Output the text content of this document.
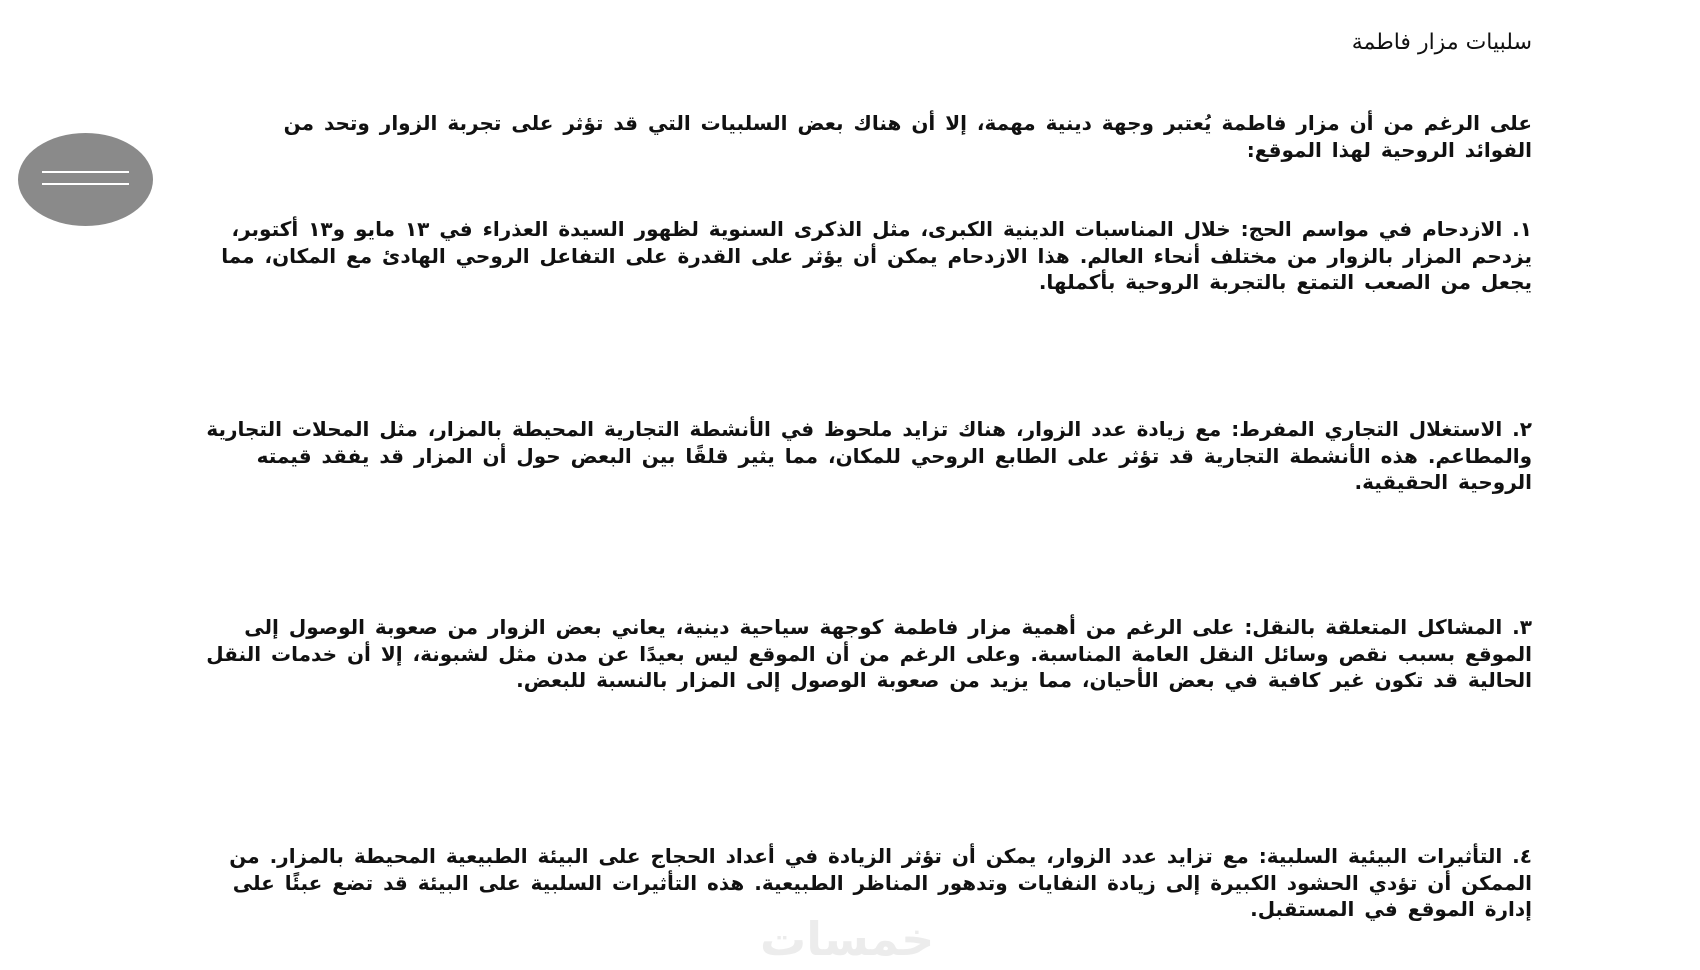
سلبيات مزار فاطمة
على الرغم من أن مزار فاطمة يُعتبر وجهة دينية مهمة، إلا أن هناك بعض السلبيات التي قد تؤثر على تجربة الزوار وتحد من الفوائد الروحية لهذا الموقع:
١. الازدحام في مواسم الحج: خلال المناسبات الدينية الكبرى، مثل الذكرى السنوية لظهور السيدة العذراء في ١٣ مايو و١٣ أكتوبر، يزدحم المزار بالزوار من مختلف أنحاء العالم. هذا الازدحام يمكن أن يؤثر على القدرة على التفاعل الروحي الهادئ مع المكان، مما يجعل من الصعب التمتع بالتجربة الروحية بأكملها.
٢. الاستغلال التجاري المفرط: مع زيادة عدد الزوار، هناك تزايد ملحوظ في الأنشطة التجارية المحيطة بالمزار، مثل المحلات التجارية والمطاعم. هذه الأنشطة التجارية قد تؤثر على الطابع الروحي للمكان، مما يثير قلقًا بين البعض حول أن المزار قد يفقد قيمته الروحية الحقيقية.
٣. المشاكل المتعلقة بالنقل: على الرغم من أهمية مزار فاطمة كوجهة سياحية دينية، يعاني بعض الزوار من صعوبة الوصول إلى الموقع بسبب نقص وسائل النقل العامة المناسبة. وعلى الرغم من أن الموقع ليس بعيدًا عن مدن مثل لشبونة، إلا أن خدمات النقل الحالية قد تكون غير كافية في بعض الأحيان، مما يزيد من صعوبة الوصول إلى المزار بالنسبة للبعض.
٤. التأثيرات البيئية السلبية: مع تزايد عدد الزوار، يمكن أن تؤثر الزيادة في أعداد الحجاج على البيئة الطبيعية المحيطة بالمزار. من الممكن أن تؤدي الحشود الكبيرة إلى زيادة النفايات وتدهور المناظر الطبيعية. هذه التأثيرات السلبية على البيئة قد تضع عبئًا على إدارة الموقع في المستقبل.
خمسات
